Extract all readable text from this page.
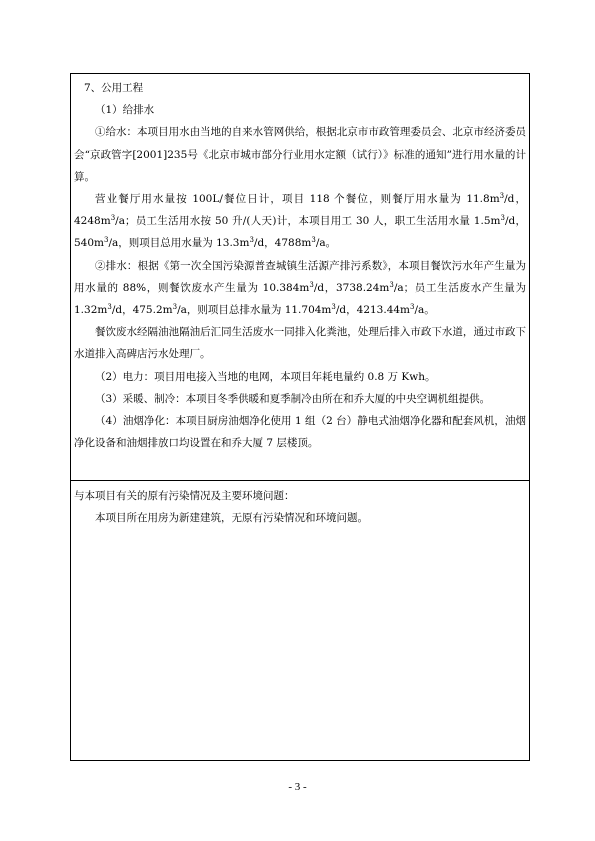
7、公用工程

（1）给排水

①给水：本项目用水由当地的自来水管网供给，根据北京市市政管理委员会、北京市经济委员会“京政管字[2001]235号《北京市城市部分行业用水定额（试行）》标准的通知”进行用水量的计算。

营业餐厅用水量按 100L/餐位日计，项目 118 个餐位，则餐厅用水量为 $11.8m^3/d$，$4248m^3/a$；员工生活用水按 50 升/(人天)计，本项目用工 30 人，职工生活用水量 $1.5m^3/d$，$540m^3/a$，则项目总用水量为 $13.3m^3/d$，$4788m^3/a$。

②排水：根据《第一次全国污染源普查城镇生活源产排污系数》，本项目餐饮污水年产生量为用水量的 88%，则餐饮废水产生量为 $10.384m^3/d$，$3738.24m^3/a$；员工生活废水产生量为 $1.32m^3/d$，$475.2m^3/a$，则项目总排水量为 $11.704m^3/d$，$4213.44m^3/a$。

餐饮废水经隔油池隔油后汇同生活废水一同排入化粪池，处理后排入市政下水道，通过市政下水道排入高碑店污水处理厂。

（2）电力：项目用电接入当地的电网，本项目年耗电量约 0.8 万 Kwh。

（3）采暖、制冷：本项目冬季供暖和夏季制冷由所在和乔大厦的中央空调机组提供。

（4）油烟净化：本项目厨房油烟净化使用 1 组（2 台）静电式油烟净化器和配套风机，油烟净化设备和油烟排放口均设置在和乔大厦 7 层楼顶。

与本项目有关的原有污染情况及主要环境问题：

本项目所在用房为新建建筑，无原有污染情况和环境问题。

- 3 -
